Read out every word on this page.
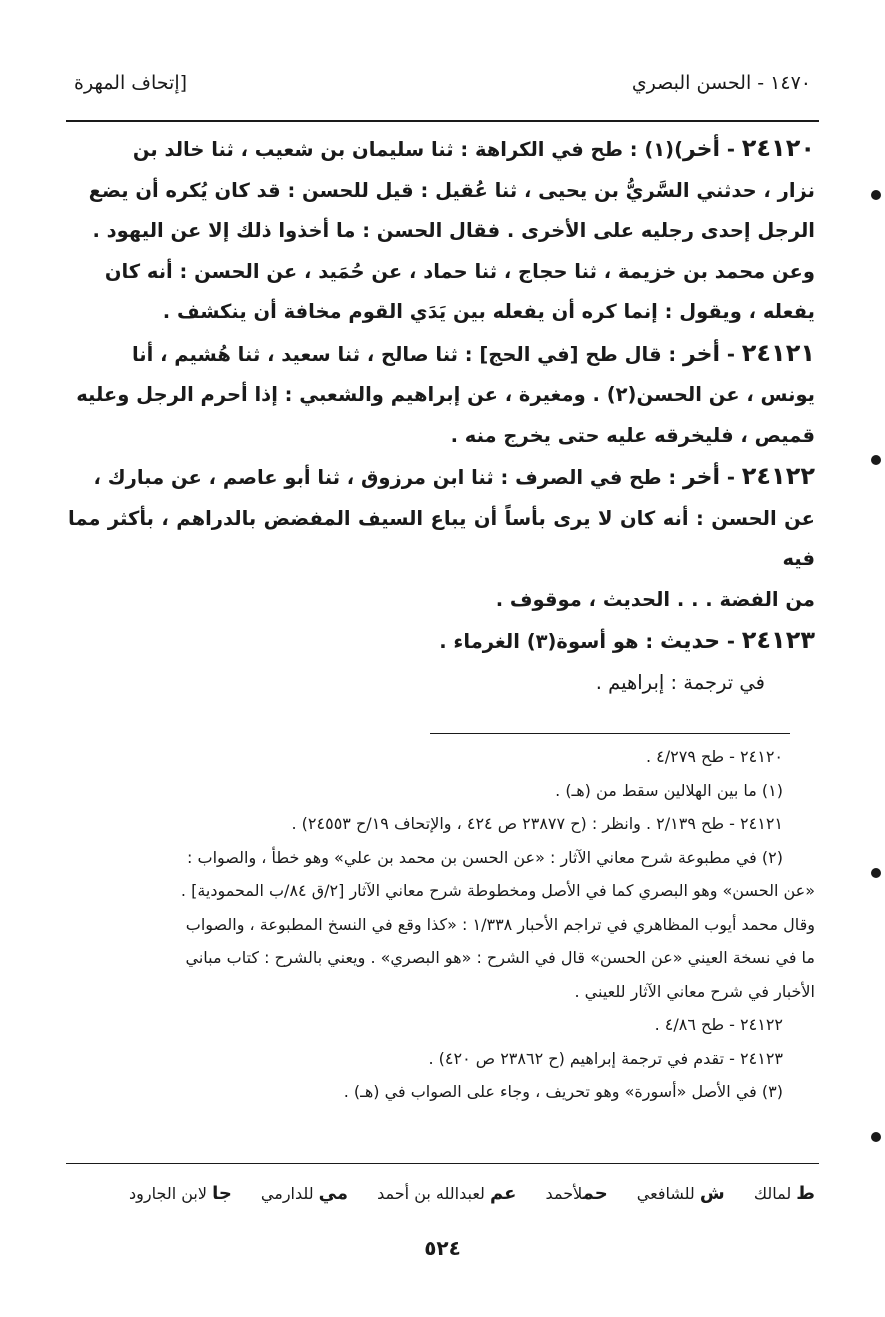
١٤٧٠ - الحسن البصري
[إتحاف المهرة

٢٤١٢٠ - أخر)(١) : طح في الكراهة : ثنا سليمان بن شعيب ، ثنا خالد بن

نزار ، حدثني السَّريُّ بن يحيى ، ثنا عُقيل : قيل للحسن : قد كان يُكره أن يضع

الرجل إحدى رجليه على الأخرى . فقال الحسن : ما أخذوا ذلك إلا عن اليهود .

وعن محمد بن خزيمة ، ثنا حجاج ، ثنا حماد ، عن حُمَيد ، عن الحسن : أنه كان

يفعله ، ويقول : إنما كره أن يفعله بين يَدَي القوم مخافة أن ينكشف .

٢٤١٢١ - أخر : قال طح [في الحج] : ثنا صالح ، ثنا سعيد ، ثنا هُشيم ، أنا

يونس ، عن الحسن(٢) . ومغيرة ، عن إبراهيم والشعبي : إذا أحرم الرجل وعليه

قميص ، فليخرقه عليه حتى يخرج منه .

٢٤١٢٢ - أخر : طح في الصرف : ثنا ابن مرزوق ، ثنا أبو عاصم ، عن مبارك ،

عن الحسن : أنه كان لا يرى بأساً أن يباع السيف المفضض بالدراهم ، بأكثر مما فيه

من الفضة . . . الحديث ، موقوف .

٢٤١٢٣ - حديث : هو أسوة(٣) الغرماء .

في ترجمة : إبراهيم .

٢٤١٢٠ - طح ٤/٢٧٩ .

(١) ما بين الهلالين سقط من (هـ) .

٢٤١٢١ - طح ٢/١٣٩ . وانظر : (ح ٢٣٨٧٧ ص ٤٢٤ ، والإتحاف ١٩/ح ٢٤٥٥٣) .

(٢) في مطبوعة شرح معاني الآثار : «عن الحسن بن محمد بن علي» وهو خطأ ، والصواب :

«عن الحسن» وهو البصري كما في الأصل ومخطوطة شرح معاني الآثار [٢/ق ٨٤/ب المحمودية] .

وقال محمد أيوب المظاهري في تراجم الأحبار ١/٣٣٨ : «كذا وقع في النسخ المطبوعة ، والصواب

ما في نسخة العيني «عن الحسن» قال في الشرح : «هو البصري» . ويعني بالشرح : كتاب مباني

الأخبار في شرح معاني الآثار للعيني .

٢٤١٢٢ - طح ٤/٨٦ .

٢٤١٢٣ - تقدم في ترجمة إبراهيم (ح ٢٣٨٦٢ ص ٤٢٠) .

(٣) في الأصل «أسورة» وهو تحريف ، وجاء على الصواب في (هـ) .

ط لمالك ش للشافعي حملأحمد عم لعبدالله بن أحمد مي للدارمي جا لابن الجارود
٥٢٤
